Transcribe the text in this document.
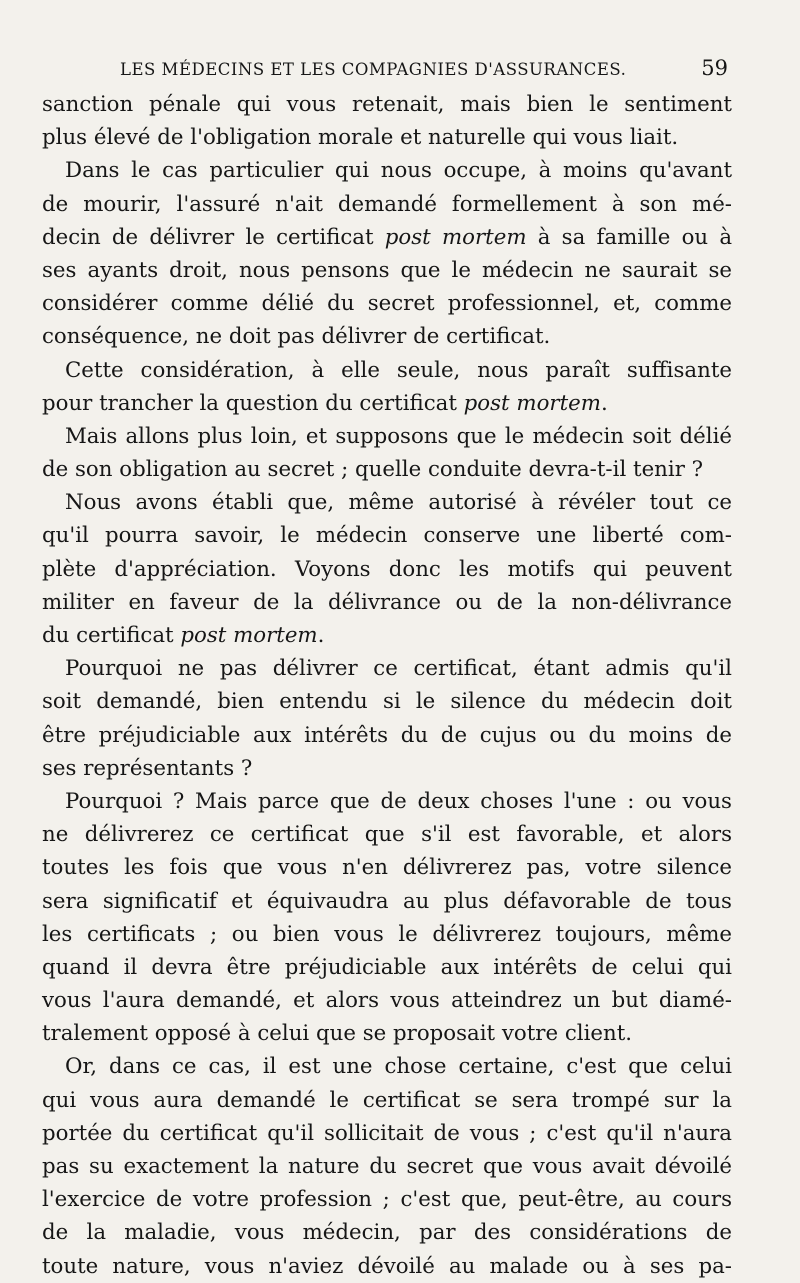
LES MÉDECINS ET LES COMPAGNIES D'ASSURANCES.	59
sanction pénale qui vous retenait, mais bien le sentiment
plus élevé de l'obligation morale et naturelle qui vous liait.
Dans le cas particulier qui nous occupe, à moins qu'avant
de mourir, l'assuré n'ait demandé formellement à son mé-
decin de délivrer le certificat post mortem à sa famille ou à
ses ayants droit, nous pensons que le médecin ne saurait se
considérer comme délié du secret professionnel, et, comme
conséquence, ne doit pas délivrer de certificat.
Cette considération, à elle seule, nous paraît suffisante
pour trancher la question du certificat post mortem.
Mais allons plus loin, et supposons que le médecin soit délié
de son obligation au secret ; quelle conduite devra-t-il tenir ?
Nous avons établi que, même autorisé à révéler tout ce
qu'il pourra savoir, le médecin conserve une liberté com-
plète d'appréciation. Voyons donc les motifs qui peuvent
militer en faveur de la délivrance ou de la non-délivrance
du certificat post mortem.
Pourquoi ne pas délivrer ce certificat, étant admis qu'il
soit demandé, bien entendu si le silence du médecin doit
être préjudiciable aux intérêts du de cujus ou du moins de
ses représentants ?
Pourquoi ? Mais parce que de deux choses l'une : ou vous
ne délivrerez ce certificat que s'il est favorable, et alors
toutes les fois que vous n'en délivrerez pas, votre silence
sera significatif et équivaudra au plus défavorable de tous
les certificats ; ou bien vous le délivrerez toujours, même
quand il devra être préjudiciable aux intérêts de celui qui
vous l'aura demandé, et alors vous atteindrez un but diamé-
tralement opposé à celui que se proposait votre client.
Or, dans ce cas, il est une chose certaine, c'est que celui
qui vous aura demandé le certificat se sera trompé sur la
portée du certificat qu'il sollicitait de vous ; c'est qu'il n'aura
pas su exactement la nature du secret que vous avait dévoilé
l'exercice de votre profession ; c'est que, peut-être, au cours
de la maladie, vous médecin, par des considérations de
toute nature, vous n'aviez dévoilé au malade ou à ses pa-
